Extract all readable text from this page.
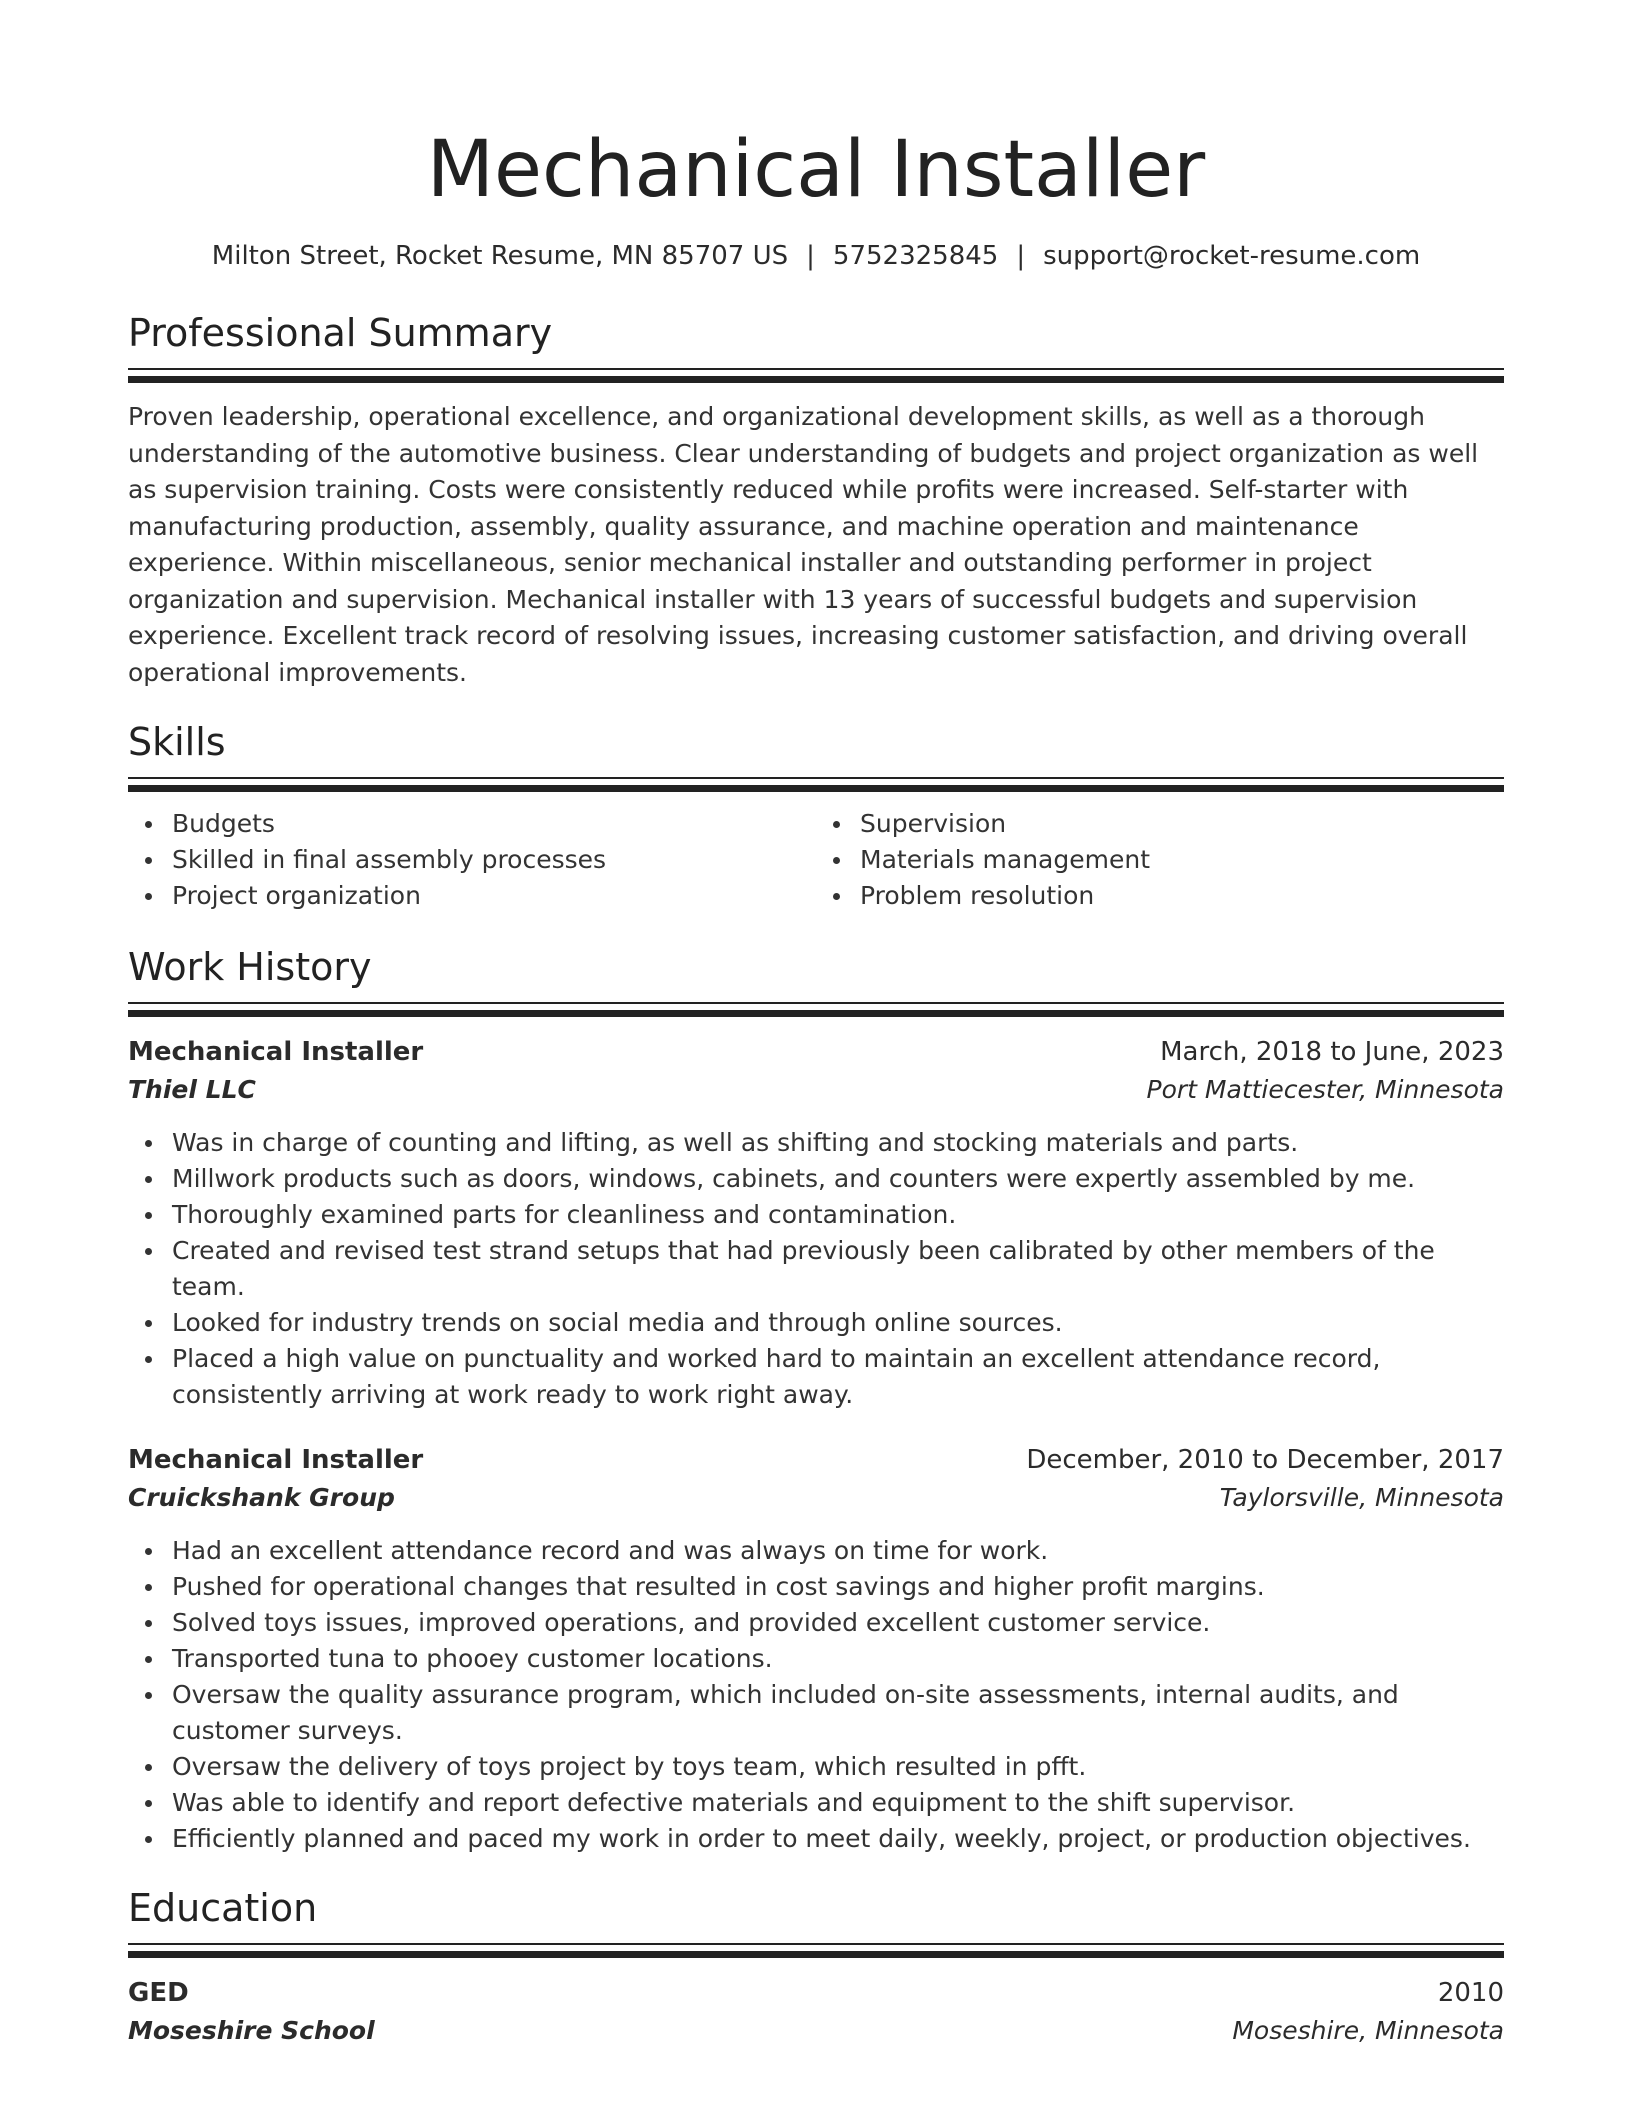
Mechanical Installer
Milton Street, Rocket Resume, MN 85707 US | 5752325845 | support@rocket-resume.com
Professional Summary

Proven leadership, operational excellence, and organizational development skills, as well as a thorough understanding of the automotive business. Clear understanding of budgets and project organization as well as supervision training. Costs were consistently reduced while profits were increased. Self-starter with manufacturing production, assembly, quality assurance, and machine operation and maintenance experience. Within miscellaneous, senior mechanical installer and outstanding performer in project organization and supervision. Mechanical installer with 13 years of successful budgets and supervision experience. Excellent track record of resolving issues, increasing customer satisfaction, and driving overall operational improvements.

Skills
Budgets
Skilled in final assembly processes
Project organization
Supervision
Materials management
Problem resolution
Work History
Mechanical Installer	March, 2018 to June, 2023
Thiel LLC	Port Mattiecester, Minnesota
Was in charge of counting and lifting, as well as shifting and stocking materials and parts.
Millwork products such as doors, windows, cabinets, and counters were expertly assembled by me.
Thoroughly examined parts for cleanliness and contamination.
Created and revised test strand setups that had previously been calibrated by other members of the team.
Looked for industry trends on social media and through online sources.
Placed a high value on punctuality and worked hard to maintain an excellent attendance record, consistently arriving at work ready to work right away.
Mechanical Installer	December, 2010 to December, 2017
Cruickshank Group	Taylorsville, Minnesota
Had an excellent attendance record and was always on time for work.
Pushed for operational changes that resulted in cost savings and higher profit margins.
Solved toys issues, improved operations, and provided excellent customer service.
Transported tuna to phooey customer locations.
Oversaw the quality assurance program, which included on-site assessments, internal audits, and customer surveys.
Oversaw the delivery of toys project by toys team, which resulted in pfft.
Was able to identify and report defective materials and equipment to the shift supervisor.
Efficiently planned and paced my work in order to meet daily, weekly, project, or production objectives.
Education
GED	2010
Moseshire School	Moseshire, Minnesota
